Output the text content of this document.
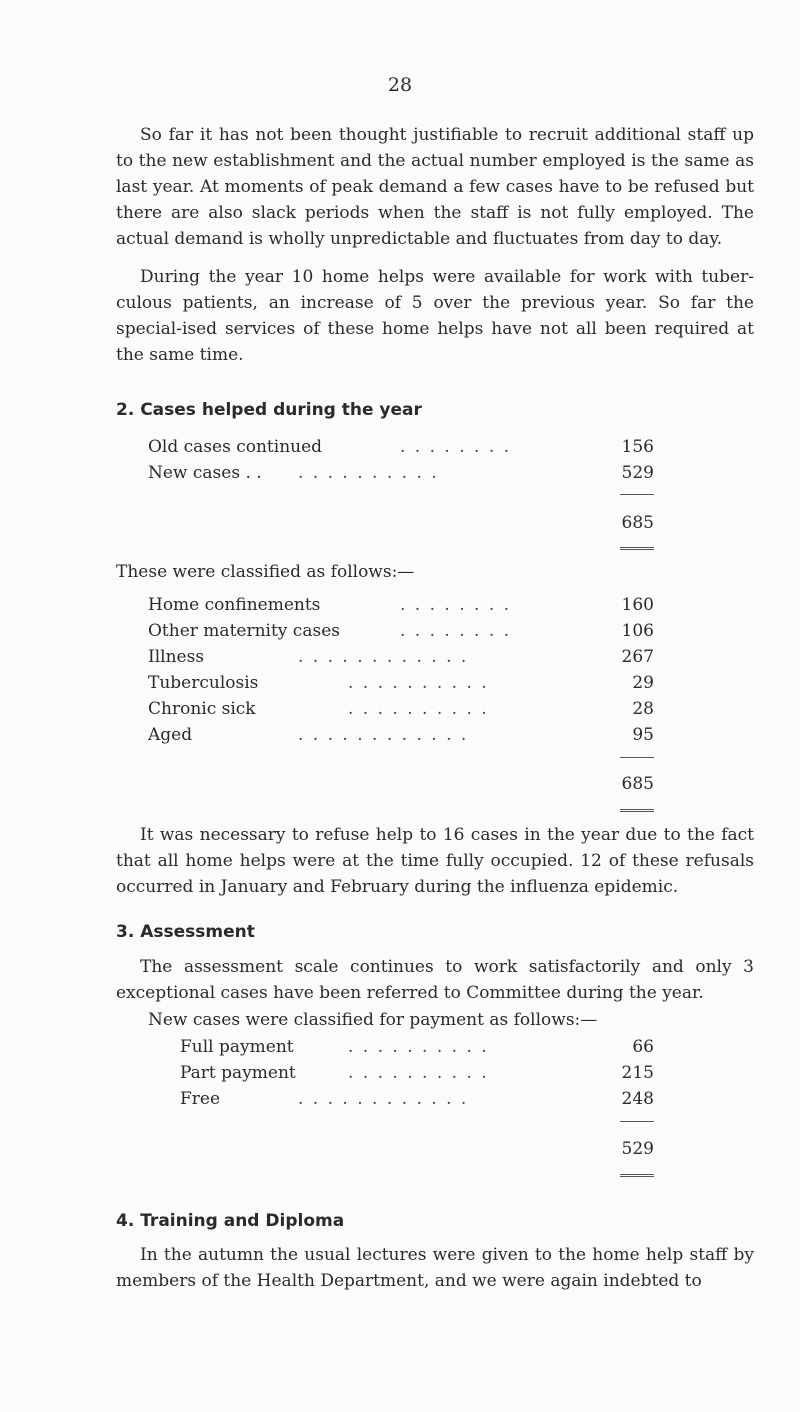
28

So far it has not been thought justifiable to recruit additional staff up to the new establishment and the actual number employed is the same as last year. At moments of peak demand a few cases have to be refused but there are also slack periods when the staff is not fully employed. The actual demand is wholly unpredictable and fluctuates from day to day.

During the year 10 home helps were available for work with tuber-culous patients, an increase of 5 over the previous year. So far the special-ised services of these home helps have not all been required at the same time.

2. Cases helped during the year
Old cases continued	. . . . . . . .	156
New cases . . . . . . . . . . . .	529
685
These were classified as follows:—
Home confinements	. . . . . . . .	160
Other maternity cases	. . . . . . . .	106
Illness	. . . . . . . . . . . .	267
Tuberculosis	. . . . . . . . . .	29
Chronic sick	. . . . . . . . . .	28
Aged	. . . . . . . . . . . .	95
685

It was necessary to refuse help to 16 cases in the year due to the fact that all home helps were at the time fully occupied. 12 of these refusals occurred in January and February during the influenza epidemic.

3. Assessment

The assessment scale continues to work satisfactorily and only 3 exceptional cases have been referred to Committee during the year.

New cases were classified for payment as follows:—
Full payment	. . . . . . . . . .	66
Part payment	. . . . . . . . . .	215
Free	. . . . . . . . . . . .	248
529
4. Training and Diploma

In the autumn the usual lectures were given to the home help staff by members of the Health Department, and we were again indebted to
